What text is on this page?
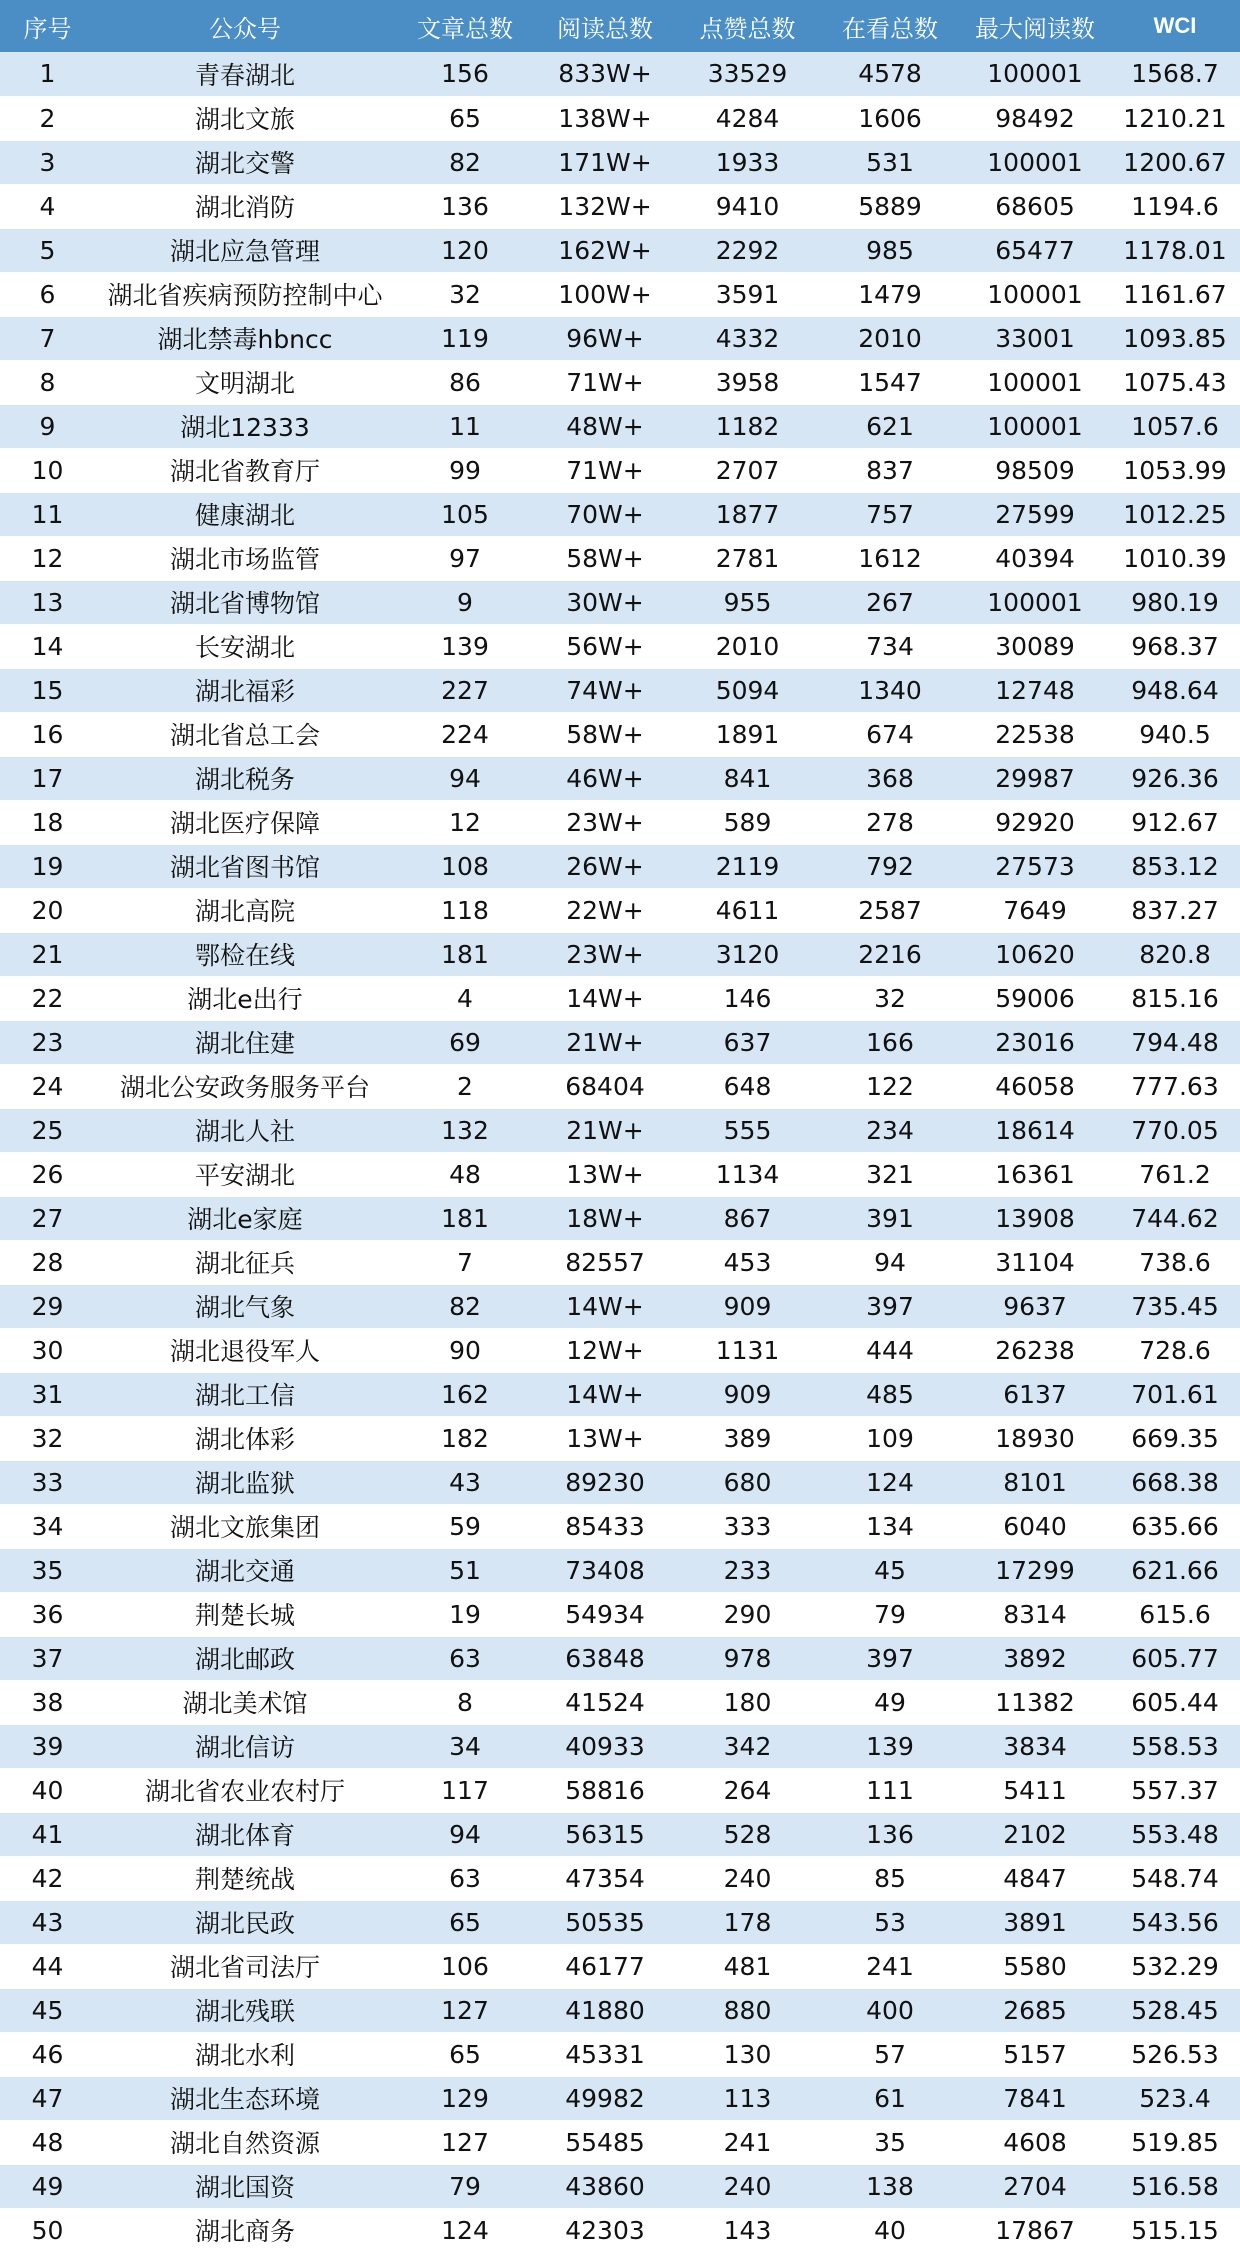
序号	公众号	文章总数	阅读总数	点赞总数	在看总数	最大阅读数	WCI
1	青春湖北	156	833W+	33529	4578	100001	1568.7
2	湖北文旅	65	138W+	4284	1606	98492	1210.21
3	湖北交警	82	171W+	1933	531	100001	1200.67
4	湖北消防	136	132W+	9410	5889	68605	1194.6
5	湖北应急管理	120	162W+	2292	985	65477	1178.01
6	湖北省疾病预防控制中心	32	100W+	3591	1479	100001	1161.67
7	湖北禁毒hbncc	119	96W+	4332	2010	33001	1093.85
8	文明湖北	86	71W+	3958	1547	100001	1075.43
9	湖北12333	11	48W+	1182	621	100001	1057.6
10	湖北省教育厅	99	71W+	2707	837	98509	1053.99
11	健康湖北	105	70W+	1877	757	27599	1012.25
12	湖北市场监管	97	58W+	2781	1612	40394	1010.39
13	湖北省博物馆	9	30W+	955	267	100001	980.19
14	长安湖北	139	56W+	2010	734	30089	968.37
15	湖北福彩	227	74W+	5094	1340	12748	948.64
16	湖北省总工会	224	58W+	1891	674	22538	940.5
17	湖北税务	94	46W+	841	368	29987	926.36
18	湖北医疗保障	12	23W+	589	278	92920	912.67
19	湖北省图书馆	108	26W+	2119	792	27573	853.12
20	湖北高院	118	22W+	4611	2587	7649	837.27
21	鄂检在线	181	23W+	3120	2216	10620	820.8
22	湖北e出行	4	14W+	146	32	59006	815.16
23	湖北住建	69	21W+	637	166	23016	794.48
24	湖北公安政务服务平台	2	68404	648	122	46058	777.63
25	湖北人社	132	21W+	555	234	18614	770.05
26	平安湖北	48	13W+	1134	321	16361	761.2
27	湖北e家庭	181	18W+	867	391	13908	744.62
28	湖北征兵	7	82557	453	94	31104	738.6
29	湖北气象	82	14W+	909	397	9637	735.45
30	湖北退役军人	90	12W+	1131	444	26238	728.6
31	湖北工信	162	14W+	909	485	6137	701.61
32	湖北体彩	182	13W+	389	109	18930	669.35
33	湖北监狱	43	89230	680	124	8101	668.38
34	湖北文旅集团	59	85433	333	134	6040	635.66
35	湖北交通	51	73408	233	45	17299	621.66
36	荆楚长城	19	54934	290	79	8314	615.6
37	湖北邮政	63	63848	978	397	3892	605.77
38	湖北美术馆	8	41524	180	49	11382	605.44
39	湖北信访	34	40933	342	139	3834	558.53
40	湖北省农业农村厅	117	58816	264	111	5411	557.37
41	湖北体育	94	56315	528	136	2102	553.48
42	荆楚统战	63	47354	240	85	4847	548.74
43	湖北民政	65	50535	178	53	3891	543.56
44	湖北省司法厅	106	46177	481	241	5580	532.29
45	湖北残联	127	41880	880	400	2685	528.45
46	湖北水利	65	45331	130	57	5157	526.53
47	湖北生态环境	129	49982	113	61	7841	523.4
48	湖北自然资源	127	55485	241	35	4608	519.85
49	湖北国资	79	43860	240	138	2704	516.58
50	湖北商务	124	42303	143	40	17867	515.15
